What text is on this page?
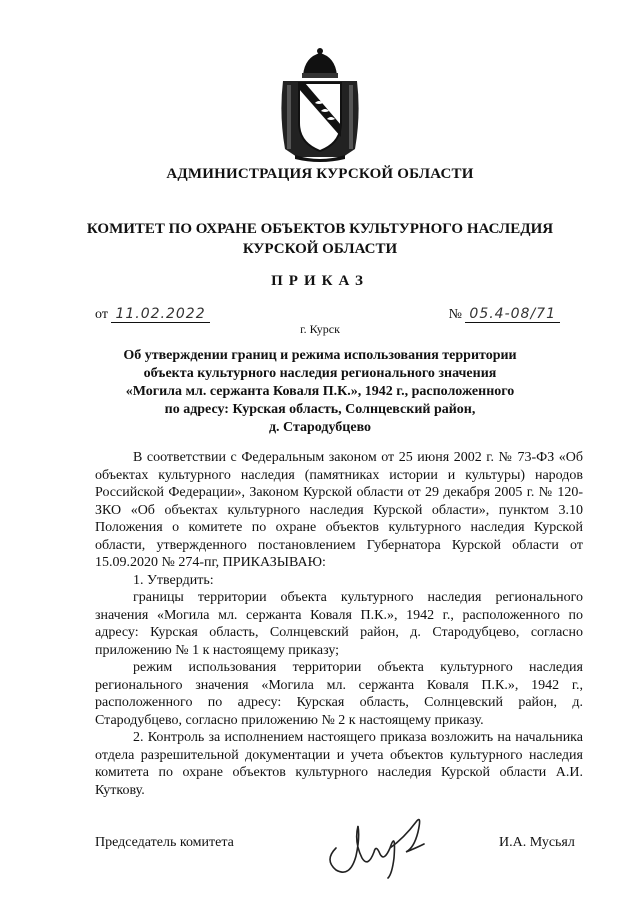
АДМИНИСТРАЦИЯ КУРСКОЙ ОБЛАСТИ
КОМИТЕТ ПО ОХРАНЕ ОБЪЕКТОВ КУЛЬТУРНОГО НАСЛЕДИЯ
КУРСКОЙ ОБЛАСТИ
ПРИКАЗ
от 11.02.2022	№ 05.4-08/71
г. Курск
Об утверждении границ и режима использования территории
объекта культурного наследия регионального значения
«Могила мл. сержанта Коваля П.К.», 1942 г., расположенного
по адресу: Курская область, Солнцевский район,
д. Стародубцево

В соответствии с Федеральным законом от 25 июня 2002 г. № 73-ФЗ «Об объектах культурного наследия (памятниках истории и культуры) народов Российской Федерации», Законом Курской области от 29 декабря 2005 г. № 120-ЗКО «Об объектах культурного наследия Курской области», пунктом 3.10 Положения о комитете по охране объектов культурного наследия Курской области, утвержденного постановлением Губернатора Курской области от 15.09.2020 № 274-пг, ПРИКАЗЫВАЮ:

1. Утвердить:

границы территории объекта культурного наследия регионального значения «Могила мл. сержанта Коваля П.К.», 1942 г., расположенного по адресу: Курская область, Солнцевский район, д. Стародубцево, согласно приложению № 1 к настоящему приказу;

режим использования территории объекта культурного наследия регионального значения «Могила мл. сержанта Коваля П.К.», 1942 г., расположенного по адресу: Курская область, Солнцевский район, д. Стародубцево, согласно приложению № 2 к настоящему приказу.

2. Контроль за исполнением настоящего приказа возложить на начальника отдела разрешительной документации и учета объектов культурного наследия комитета по охране объектов культурного наследия Курской области А.И. Куткову.

Председатель комитета	И.А. Мусьял
